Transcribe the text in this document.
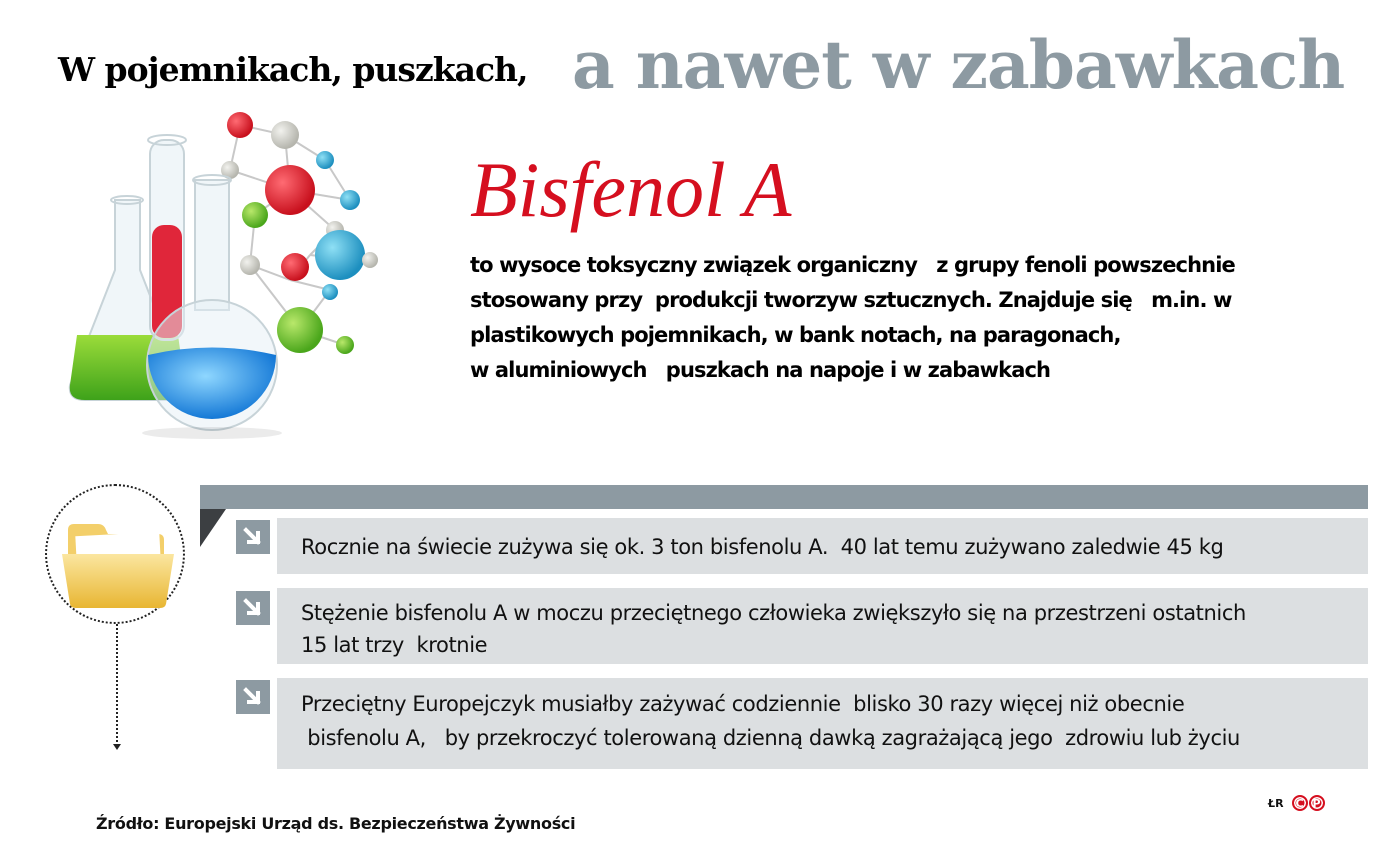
W pojemnikach, puszkach, a nawet w zabawkach
Bisfenol A
to wysoce toksyczny związek organiczny   z grupy fenoli powszechnie
stosowany przy  produkcji tworzyw sztucznych. Znajduje się   m.in. w
plastikowych pojemnikach, w bank notach, na paragonach,
w aluminiowych   puszkach na napoje i w zabawkach
Rocznie na świecie zużywa się ok. 3 ton bisfenolu A.  40 lat temu zużywano zaledwie 45 kg
Stężenie bisfenolu A w moczu przeciętnego człowieka zwiększyło się na przestrzeni ostatnich
15 lat trzy  krotnie
Przeciętny Europejczyk musiałby zażywać codziennie  blisko 30 razy więcej niż obecnie
bisfenolu A,   by przekroczyć tolerowaną dzienną dawką zagrażającą jego  zdrowiu lub życiu
Źródło: Europejski Urząd ds. Bezpieczeństwa Żywności
ŁR	C P
